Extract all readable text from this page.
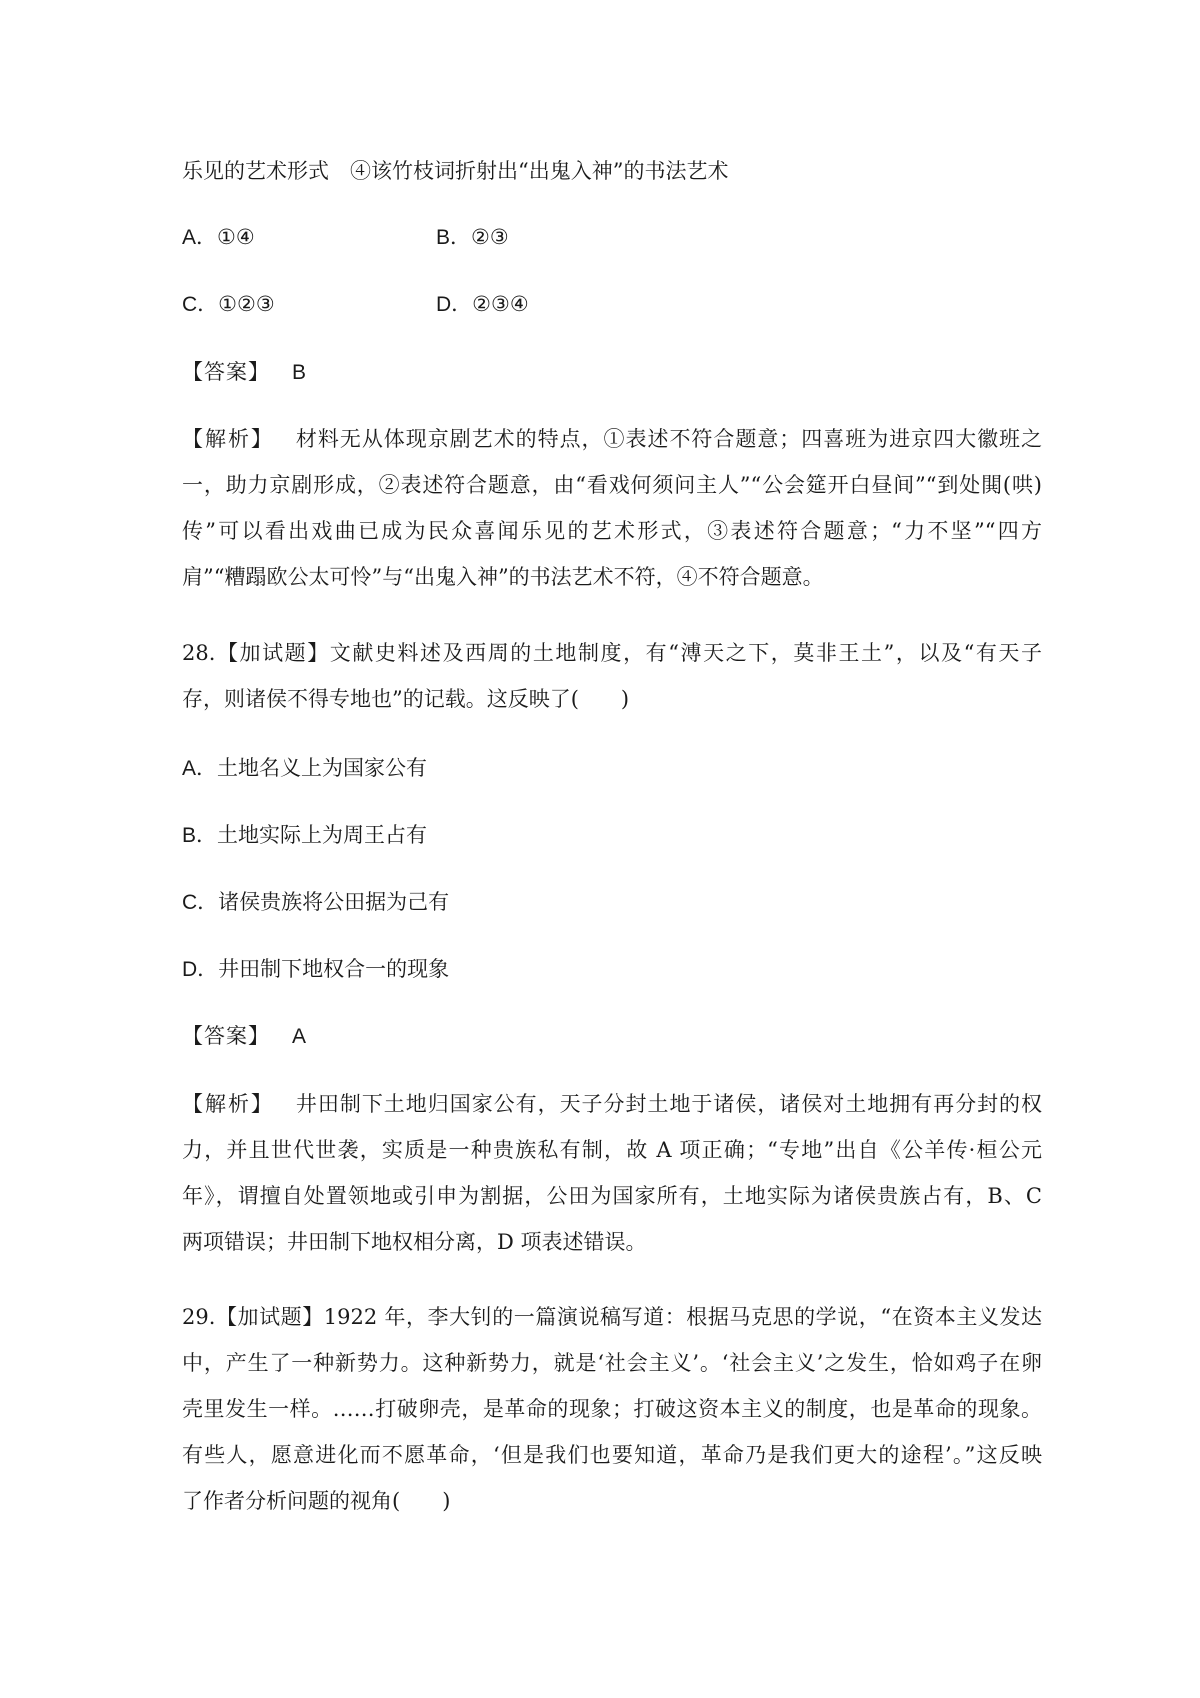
乐见的艺术形式　④该竹枝词折射出“出鬼入神”的书法艺术
A．①④	B．②③
C．①②③	D．②③④
【答案】 B
【解析】 材料无从体现京剧艺术的特点，①表述不符合题意；四喜班为进京四大徽班之
一，助力京剧形成，②表述符合题意，由“看戏何须问主人”“公会筵开白昼间”“到处閧(哄)
传”可以看出戏曲已成为民众喜闻乐见的艺术形式，③表述符合题意；“力不坚”“四方
肩”“糟蹋欧公太可怜”与“出鬼入神”的书法艺术不符，④不符合题意。
28.【加试题】文献史料述及西周的土地制度，有“溥天之下，莫非王土”，以及“有天子
存，则诸侯不得专地也”的记载。这反映了(　　)
A．土地名义上为国家公有
B．土地实际上为周王占有
C．诸侯贵族将公田据为己有
D．井田制下地权合一的现象
【答案】 A
【解析】 井田制下土地归国家公有，天子分封土地于诸侯，诸侯对土地拥有再分封的权
力，并且世代世袭，实质是一种贵族私有制，故 A 项正确；“专地”出自《公羊传·桓公元
年》，谓擅自处置领地或引申为割据，公田为国家所有，土地实际为诸侯贵族占有，B、C
两项错误；井田制下地权相分离，D 项表述错误。
29.【加试题】1922 年，李大钊的一篇演说稿写道：根据马克思的学说，“在资本主义发达
中，产生了一种新势力。这种新势力，就是‘社会主义’。‘社会主义’之发生，恰如鸡子在卵
壳里发生一样。……打破卵壳，是革命的现象；打破这资本主义的制度，也是革命的现象。
有些人，愿意进化而不愿革命，‘但是我们也要知道，革命乃是我们更大的途程’。”这反映
了作者分析问题的视角(　　)
